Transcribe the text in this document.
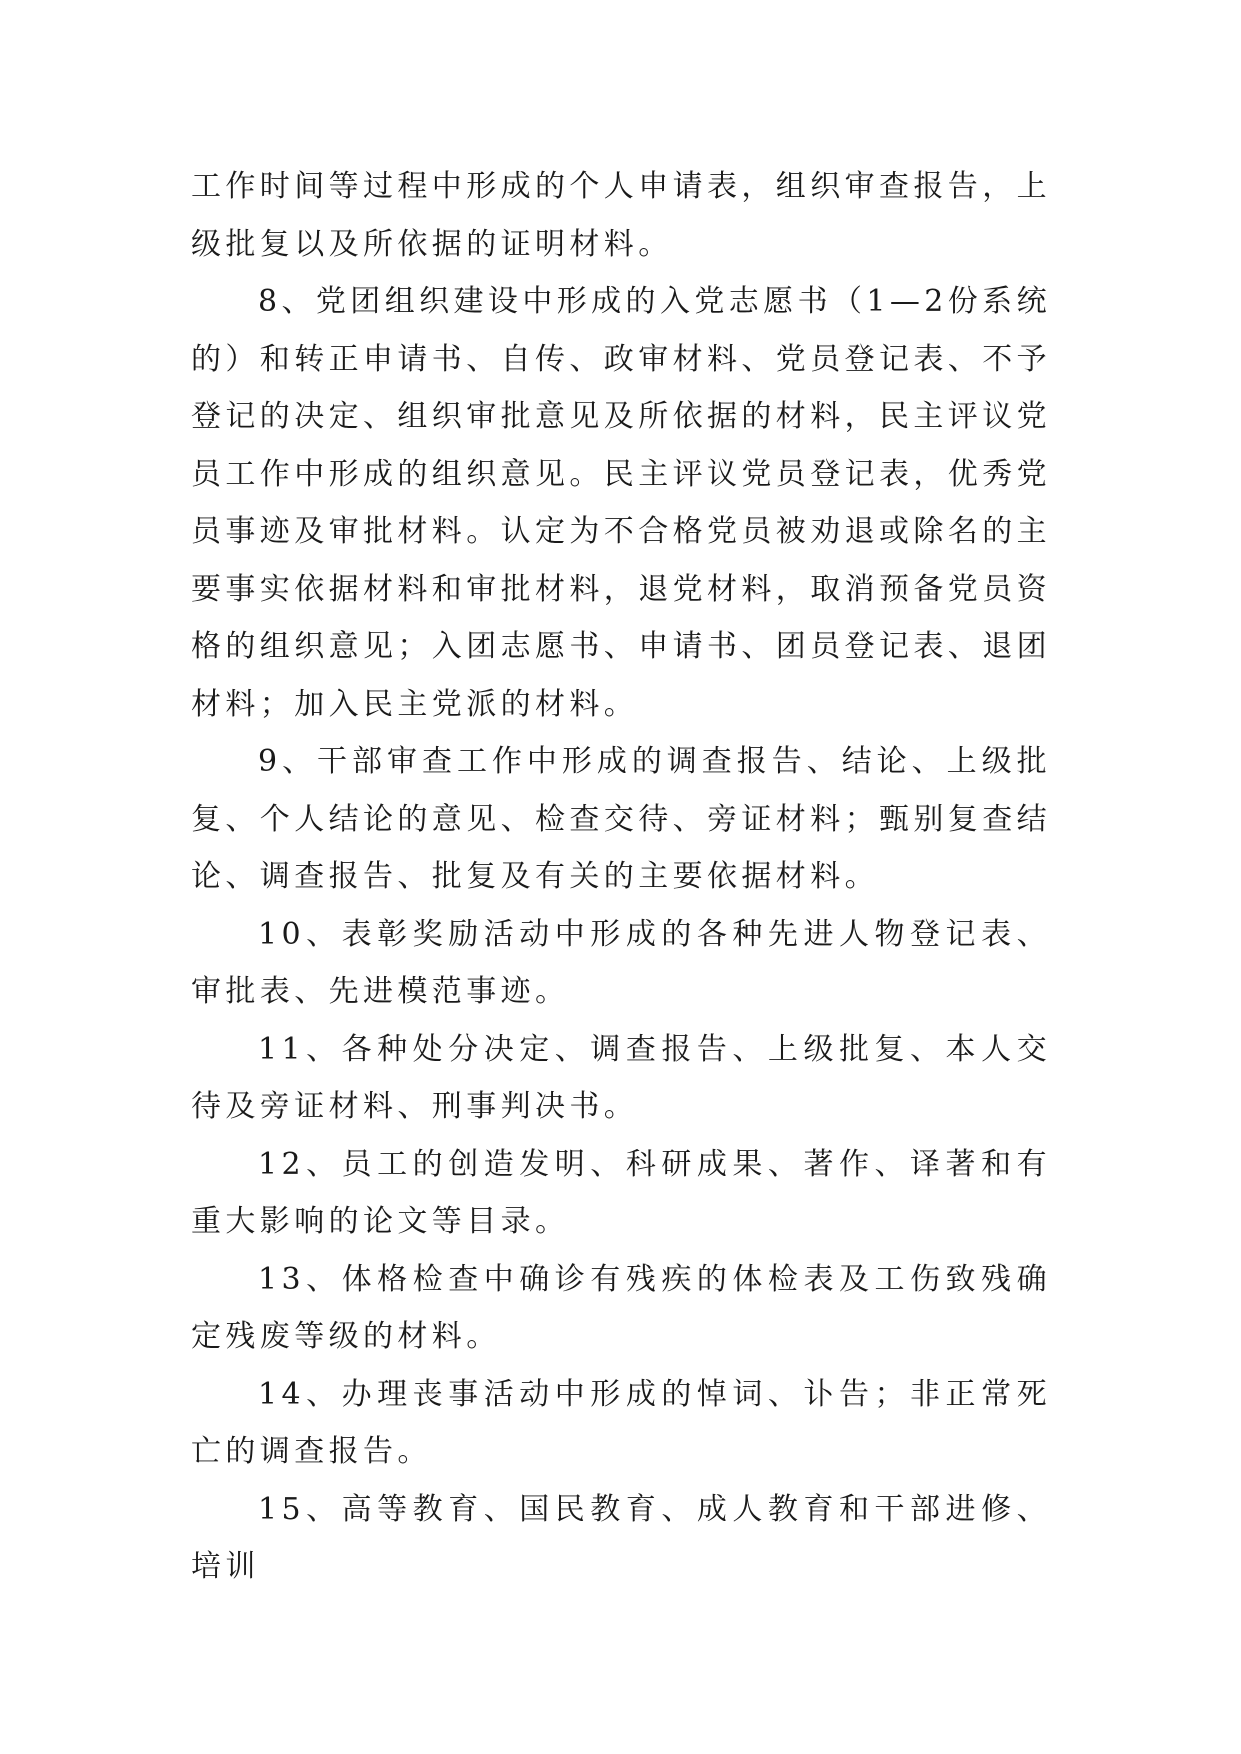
工作时间等过程中形成的个人申请表，组织审查报告，上级批复以及所依据的证明材料。

8、党团组织建设中形成的入党志愿书（1—2份系统的）和转正申请书、自传、政审材料、党员登记表、不予登记的决定、组织审批意见及所依据的材料，民主评议党员工作中形成的组织意见。民主评议党员登记表，优秀党员事迹及审批材料。认定为不合格党员被劝退或除名的主要事实依据材料和审批材料，退党材料，取消预备党员资格的组织意见；入团志愿书、申请书、团员登记表、退团材料；加入民主党派的材料。

9、干部审查工作中形成的调查报告、结论、上级批复、个人结论的意见、检查交待、旁证材料；甄别复查结论、调查报告、批复及有关的主要依据材料。

10、表彰奖励活动中形成的各种先进人物登记表、审批表、先进模范事迹。

11、各种处分决定、调查报告、上级批复、本人交待及旁证材料、刑事判决书。

12、员工的创造发明、科研成果、著作、译著和有重大影响的论文等目录。

13、体格检查中确诊有残疾的体检表及工伤致残确定残废等级的材料。

14、办理丧事活动中形成的悼词、讣告；非正常死亡的调查报告。

15、高等教育、国民教育、成人教育和干部进修、培训
